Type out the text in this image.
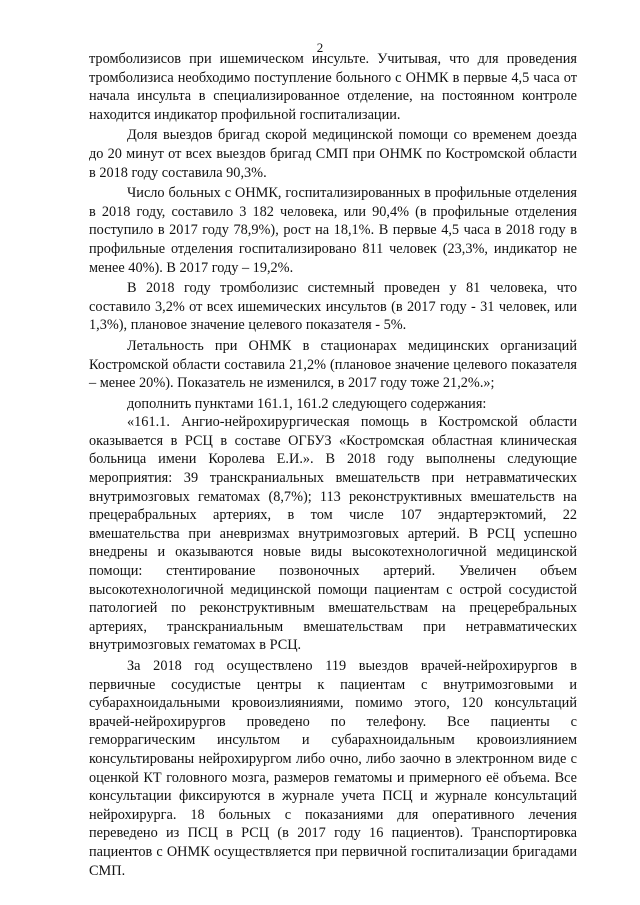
2

тромболизисов при ишемическом инсульте. Учитывая, что для проведения тромболизиса необходимо поступление больного с ОНМК в первые 4,5 часа от начала инсульта в специализированное отделение, на постоянном контроле находится индикатор профильной госпитализации.

Доля выездов бригад скорой медицинской помощи со временем доезда до 20 минут от всех выездов бригад СМП при ОНМК по Костромской области в 2018 году составила 90,3%.

Число больных с ОНМК, госпитализированных в профильные отделения в 2018 году, составило 3 182 человека, или 90,4% (в профильные отделения поступило в 2017 году 78,9%), рост на 18,1%. В первые 4,5 часа в 2018 году в профильные отделения госпитализировано 811 человек (23,3%, индикатор не менее 40%). В 2017 году – 19,2%.

В 2018 году тромболизис системный проведен у 81 человека, что составило 3,2% от всех ишемических инсультов (в 2017 году - 31 человек, или 1,3%), плановое значение целевого показателя - 5%.

Летальность при ОНМК в стационарах медицинских организаций Костромской области составила 21,2% (плановое значение целевого показателя – менее 20%). Показатель не изменился, в 2017 году тоже 21,2%.»;

дополнить пунктами 161.1, 161.2 следующего содержания:

«161.1. Ангио-нейрохирургическая помощь в Костромской области оказывается в РСЦ в составе ОГБУЗ «Костромская областная клиническая больница имени Королева Е.И.». В 2018 году выполнены следующие мероприятия: 39 транскраниальных вмешательств при нетравматических внутримозговых гематомах (8,7%); 113 реконструктивных вмешательств на прецерабральных артериях, в том числе 107 эндартерэктомий, 22 вмешательства при аневризмах внутримозговых артерий. В РСЦ успешно внедрены и оказываются новые виды высокотехнологичной медицинской помощи: стентирование позвоночных артерий. Увеличен объем высокотехнологичной медицинской помощи пациентам с острой сосудистой патологией по реконструктивным вмешательствам на прецеребральных артериях, транскраниальным вмешательствам при нетравматических внутримозговых гематомах в РСЦ.

За 2018 год осуществлено 119 выездов врачей-нейрохирургов в первичные сосудистые центры к пациентам с внутримозговыми и субарахноидальными кровоизлияниями, помимо этого, 120 консультаций врачей-нейрохирургов проведено по телефону. Все пациенты с геморрагическим инсультом и субарахноидальным кровоизлиянием консультированы нейрохирургом либо очно, либо заочно в электронном виде с оценкой КТ головного мозга, размеров гематомы и примерного её объема. Все консультации фиксируются в журнале учета ПСЦ и журнале консультаций нейрохирурга. 18 больных с показаниями для оперативного лечения переведено из ПСЦ в РСЦ (в 2017 году 16 пациентов). Транспортировка пациентов с ОНМК осуществляется при первичной госпитализации бригадами СМП.
